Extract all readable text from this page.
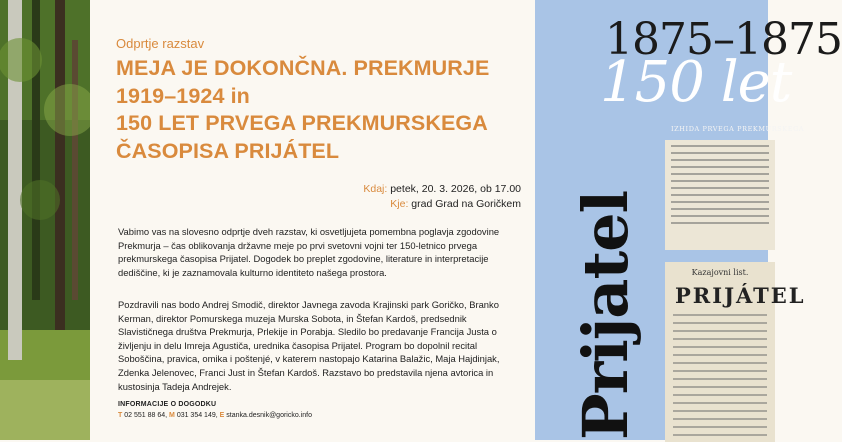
Odprtje razstav

MEJA JE DOKONČNA. PREKMURJE
1919–1924 in
150 LET PRVEGA PREKMURSKEGA
ČASOPISA PRIJÁTEL
Kdaj: petek, 20. 3. 2026, ob 17.00
Kje: grad Grad na Goričkem

Vabimo vas na slovesno odprtje dveh razstav, ki osvetljujeta pomembna poglavja zgodovine Prekmurja – čas oblikovanja državne meje po prvi svetovni vojni ter 150-letnico prvega prekmurskega časopisa Prijatel. Dogodek bo preplet zgodovine, literature in interpretacije dediščine, ki je zaznamovala kulturno identiteto našega prostora.

Pozdravili nas bodo Andrej Smodič, direktor Javnega zavoda Krajinski park Goričko, Branko Kerman, direktor Pomurskega muzeja Murska Sobota, in Štefan Kardoš, predsednik Slavističnega društva Prekmurja, Prlekije in Porabja. Sledilo bo predavanje Francija Justa o življenju in delu Imreja Agustiča, urednika časopisa Prijatel. Program bo dopolnil recital Soboščina, pravica, omika i poštenjé, v katerem nastopajo Katarina Balažic, Maja Hajdinjak, Zdenka Jelenovec, Franci Just in Štefan Kardoš. Razstavo bo predstavila njena avtorica in kustosinja Tadeja Andrejek.

INFORMACIJE O DOGODKU
T 02 551 88 64, M 031 354 149, E stanka.desnik@goricko.info
1875–1875
150 let
IZHIDA PRVEGA PREKMURSKEGA
Kazajovni list.
PRIJÁTEL
Prijatel
